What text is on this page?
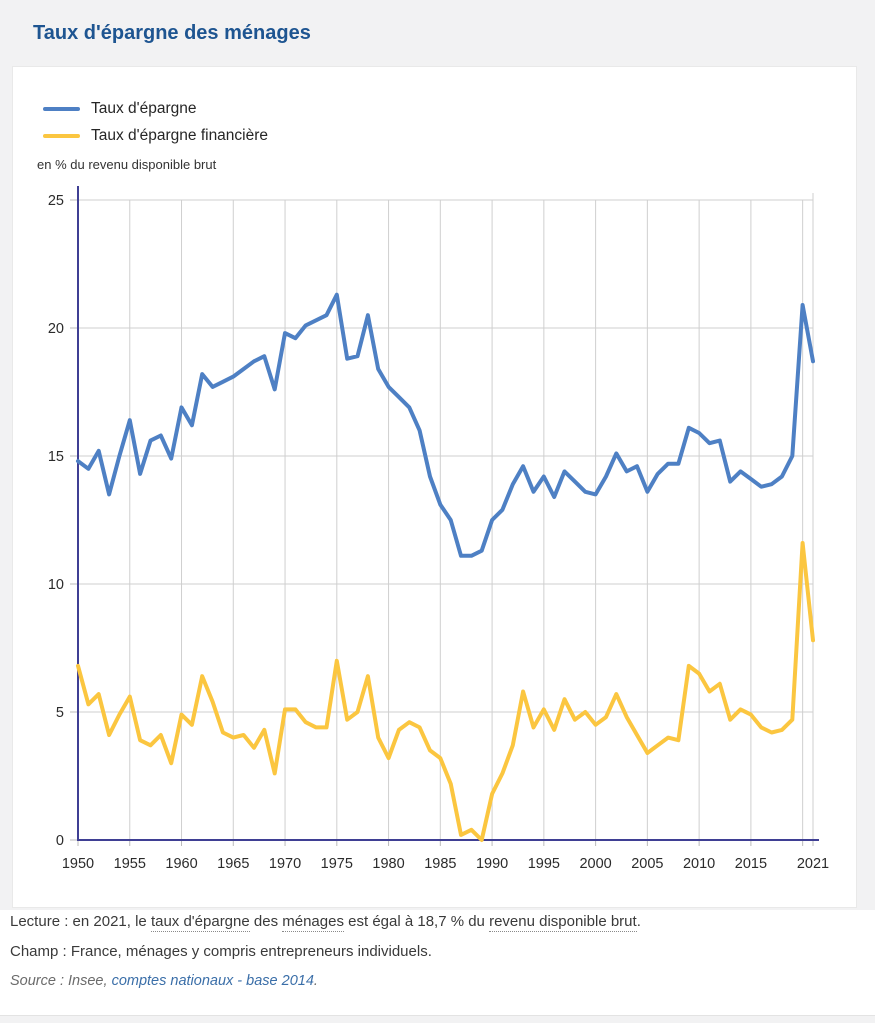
Taux d'épargne des ménages
Taux d'épargne
Taux d'épargne financière
en % du revenu disponible brut
0
5
10
15
20
25
1950 1955 1960 1965 1970 1975 1980 1985 1990 1995 2000 2005 2010 2015 2021
Lecture : en 2021, le taux d'épargne des ménages est égal à 18,7 % du revenu disponible brut.
Champ : France, ménages y compris entrepreneurs individuels.
Source : Insee, comptes nationaux - base 2014.
